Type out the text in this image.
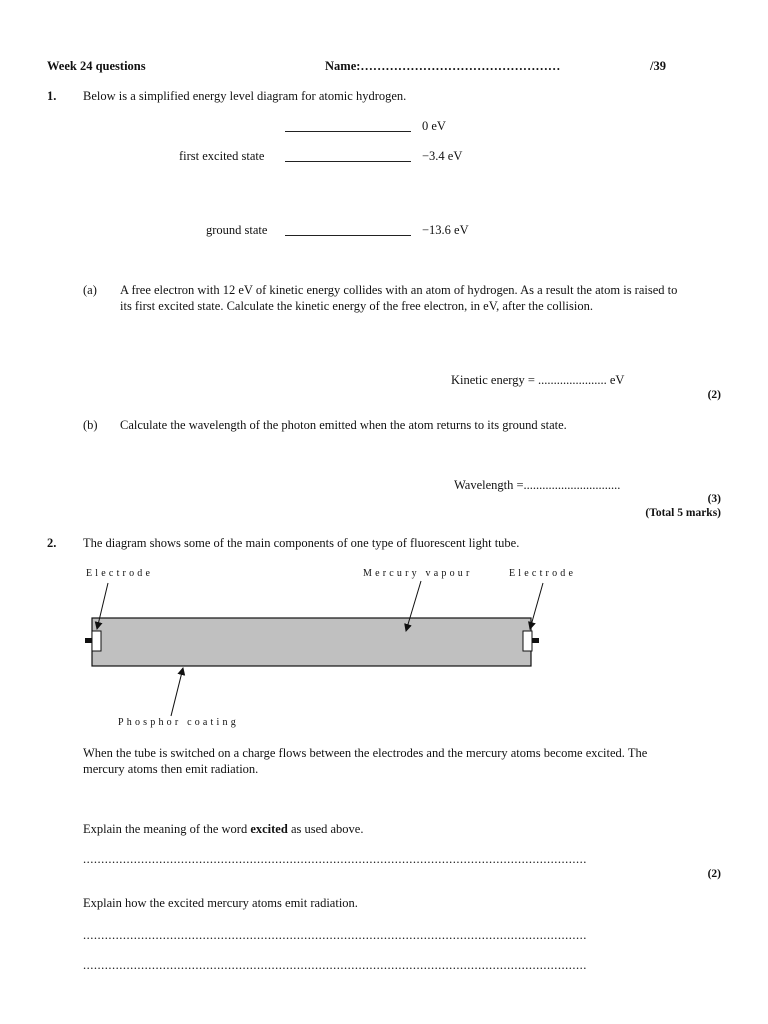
Week 24 questions	Name:…………………………………………	/39
1. Below is a simplified energy level diagram for atomic hydrogen.
0 eV
first excited state	−3.4 eV
ground state	−13.6 eV
(a) A free electron with 12 eV of kinetic energy collides with an atom of hydrogen. As a result the atom is raised to its first excited state. Calculate the kinetic energy of the free electron, in eV, after the collision.
Kinetic energy = ...................... eV
(2)
(b) Calculate the wavelength of the photon emitted when the atom returns to its ground state.
Wavelength =...............................
(3)
(Total 5 marks)
2. The diagram shows some of the main components of one type of fluorescent light tube.
Electrode	Mercury vapour	Electrode
Phosphor coating
When the tube is switched on a charge flows between the electrodes and the mercury atoms become excited. The mercury atoms then emit radiation.
Explain the meaning of the word excited as used above.
...........................................................................................................................................
(2)
Explain how the excited mercury atoms emit radiation.
...........................................................................................................................................
...........................................................................................................................................
